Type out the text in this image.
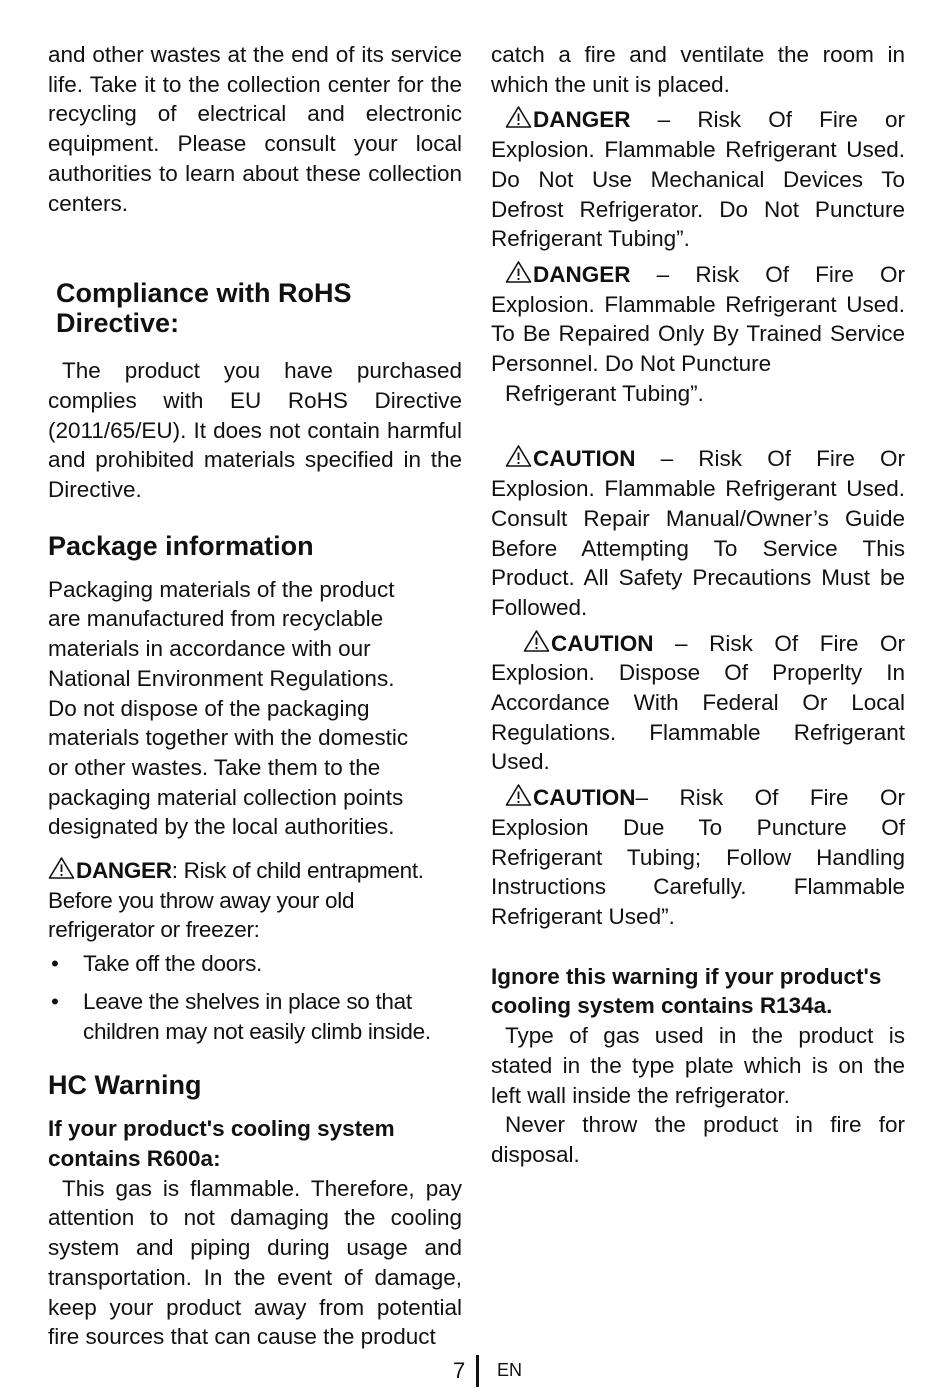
and other wastes at the end of its service life. Take it to the collection center for the recycling of electrical and electronic equipment. Please consult your local authorities to learn about these collection centers.

Compliance with RoHS Directive:

The product you have purchased complies with EU RoHS Directive (2011/65/EU). It does not contain harmful and prohibited materials specified in the Directive.

Package information

Packaging materials of the product are manufactured from recyclable materials in accordance with our National Environment Regulations. Do not dispose of the packaging materials together with the domestic or other wastes. Take them to the packaging material collection points designated by the local authorities.

DANGER: Risk of child entrapment. Before you throw away your old refrigerator or freezer:

• Take off the doors.
• Leave the shelves in place so that children may not easily climb inside.
HC Warning

If your product's cooling system contains R600a:

This gas is flammable. Therefore, pay attention to not damaging the cooling system and piping during usage and transportation. In the event of damage, keep your product away from potential fire sources that can cause the product

catch a fire and ventilate the room in which the unit is placed.

DANGER – Risk Of Fire or Explosion. Flammable Refrigerant Used. Do Not Use Mechanical Devices To Defrost Refrigerator. Do Not Puncture Refrigerant Tubing”.

DANGER – Risk Of Fire Or Explosion. Flammable Refrigerant Used. To Be Repaired Only By Trained Service Personnel. Do Not Puncture

Refrigerant Tubing”.

CAUTION – Risk Of Fire Or Explosion. Flammable Refrigerant Used. Consult Repair Manual/Owner’s Guide Before Attempting To Service This Product. All Safety Precautions Must be Followed.

CAUTION – Risk Of Fire Or Explosion. Dispose Of Properlty In Accordance With Federal Or Local Regulations. Flammable Refrigerant Used.

CAUTION– Risk Of Fire Or Explosion Due To Puncture Of Refrigerant Tubing; Follow Handling Instructions Carefully. Flammable Refrigerant Used”.

Ignore this warning if your product's cooling system contains R134a.

Type of gas used in the product is stated in the type plate which is on the left wall inside the refrigerator.

Never throw the product in fire for disposal.

7 EN
